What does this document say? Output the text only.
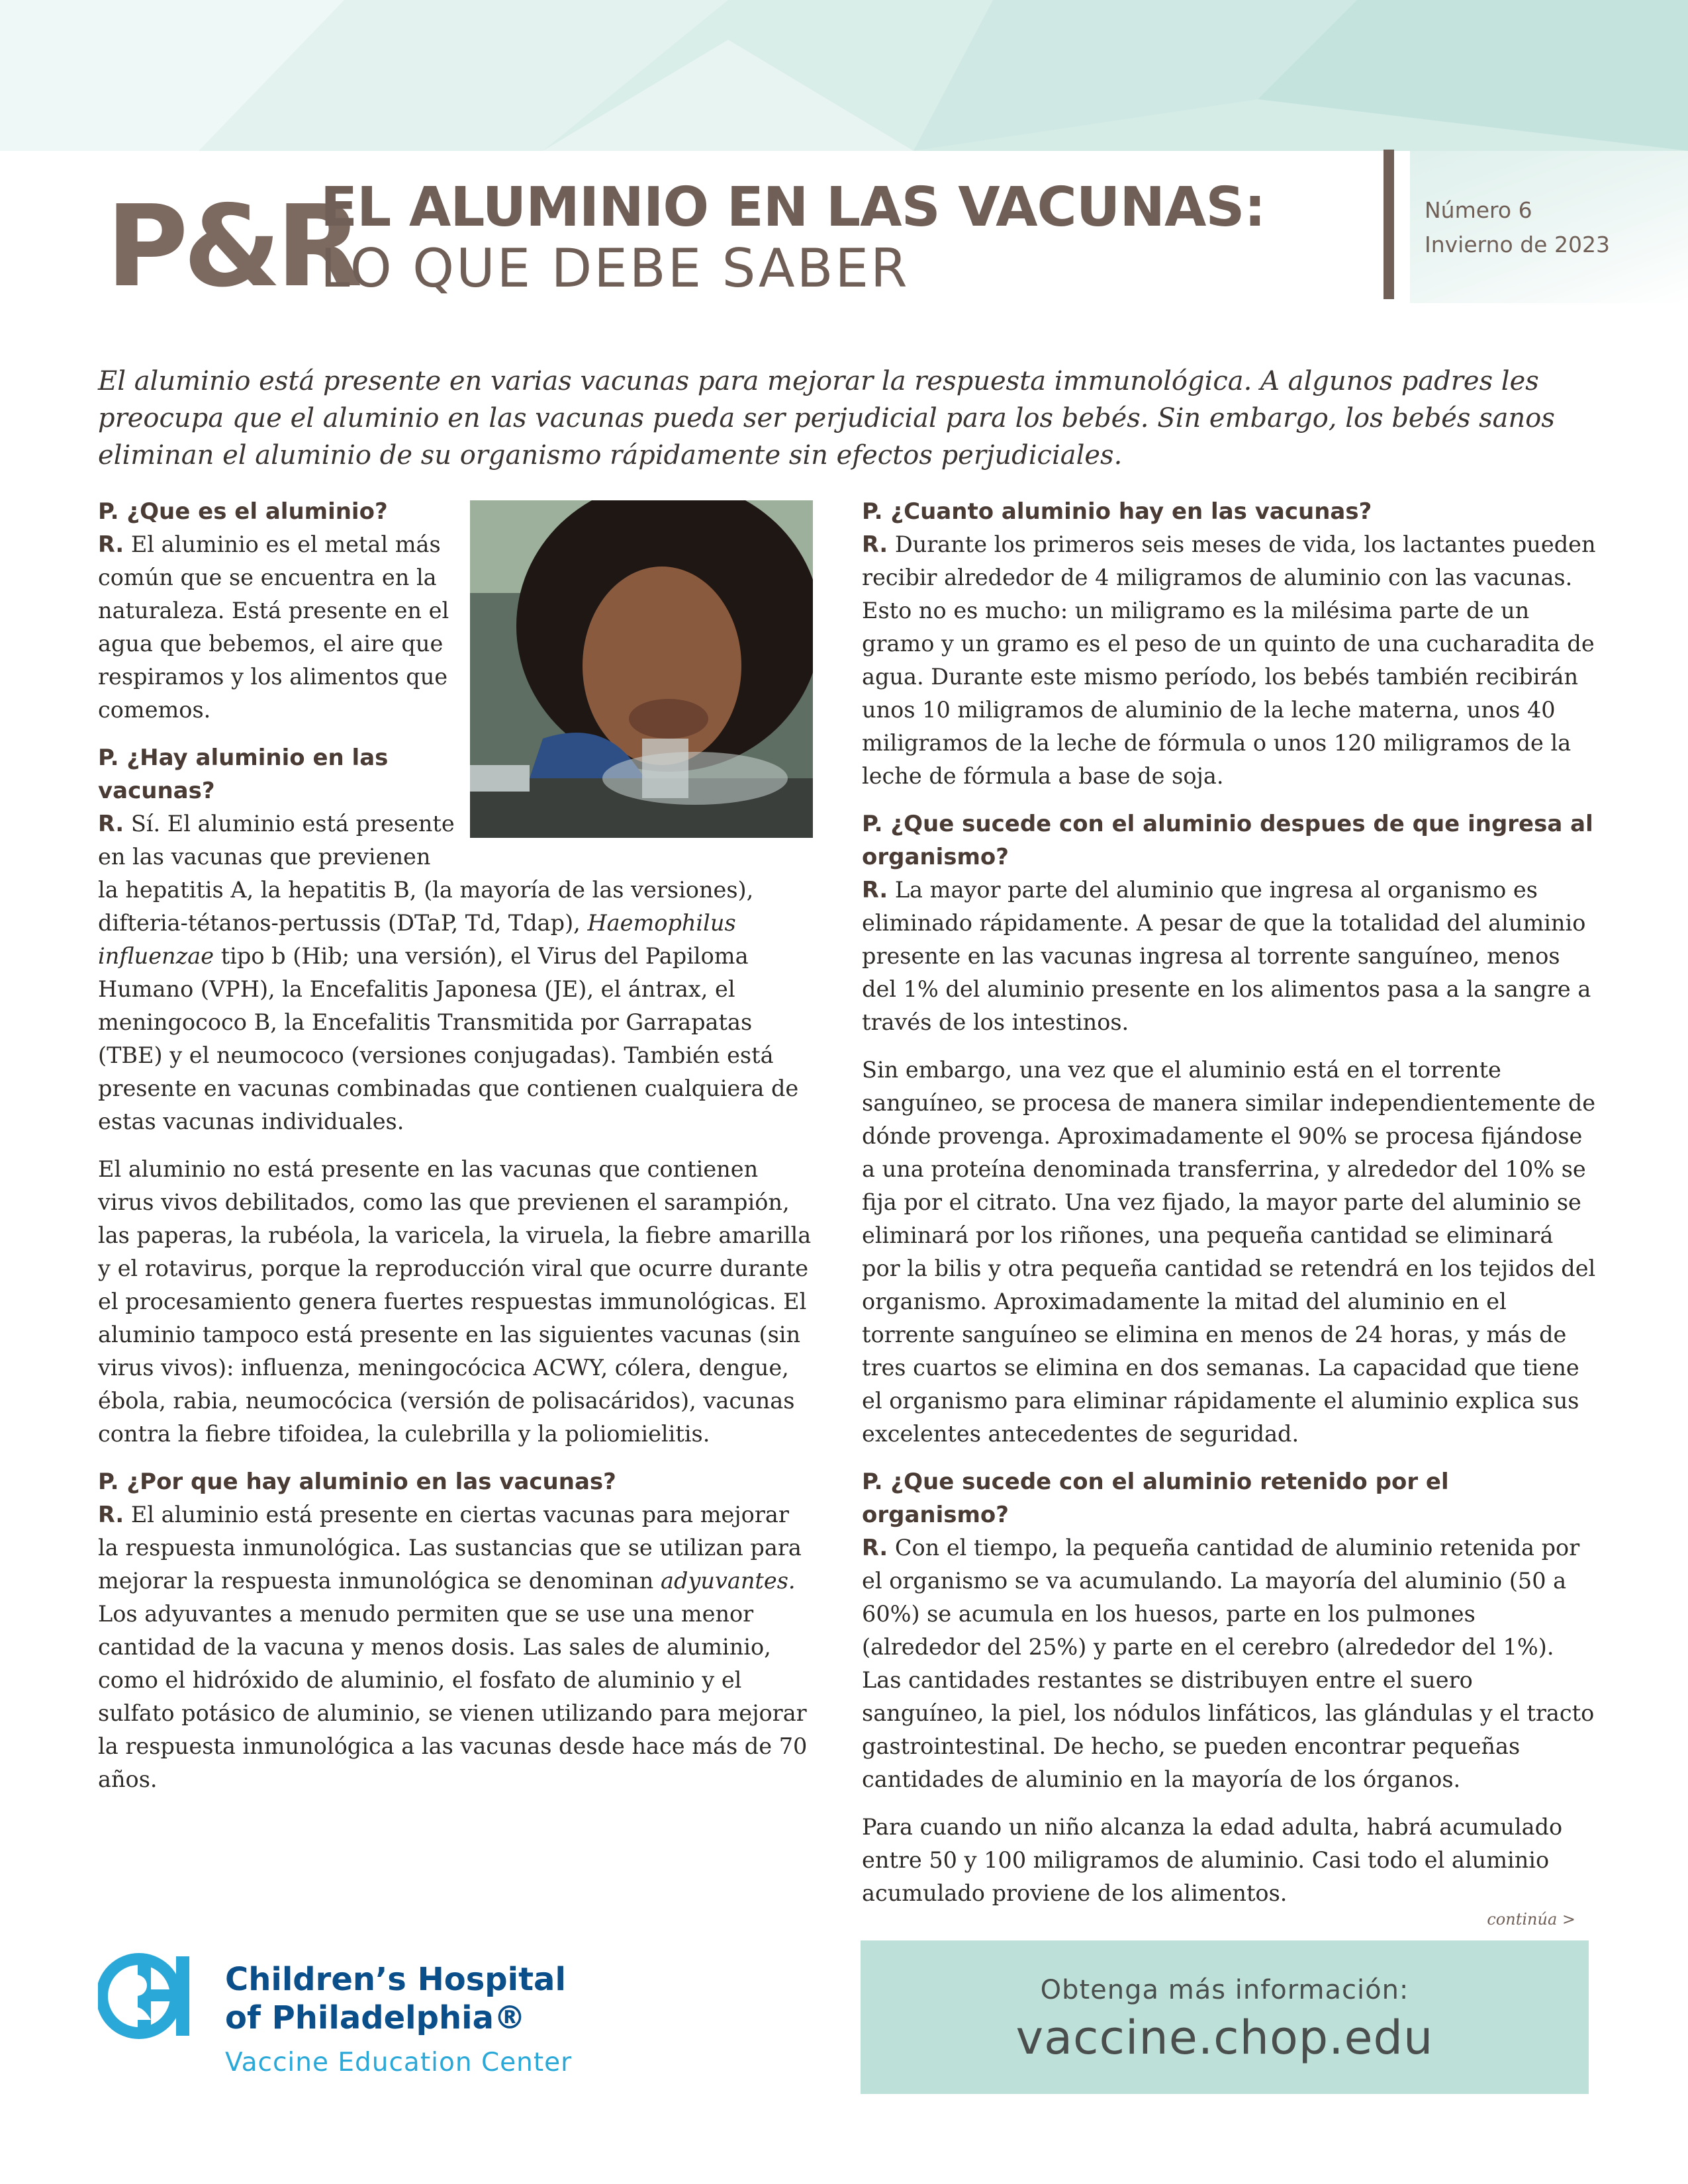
P&R
EL ALUMINIO EN LAS VACUNAS:
LO QUE DEBE SABER
Número 6
Invierno de 2023

El aluminio está presente en varias vacunas para mejorar la respuesta immunológica. A algunos padres les preocupa que el aluminio en las vacunas pueda ser perjudicial para los bebés. Sin embargo, los bebés sanos eliminan el aluminio de su organismo rápidamente sin efectos perjudiciales.

P. ¿Que es el aluminio?

R. El aluminio es el metal más común que se encuentra en la naturaleza. Está presente en el agua que bebemos, el aire que respiramos y los alimentos que comemos.

P. ¿Hay aluminio en las vacunas?

R. Sí. El aluminio está presente en las vacunas que previenen la hepatitis A, la hepatitis B, (la mayoría de las versiones), difteria-tétanos-pertussis (DTaP, Td, Tdap), Haemophilus influenzae tipo b (Hib; una versión), el Virus del Papiloma Humano (VPH), la Encefalitis Japonesa (JE), el ántrax, el meningococo B, la Encefalitis Transmitida por Garrapatas (TBE) y el neumococo (versiones conjugadas). También está presente en vacunas combinadas que contienen cualquiera de estas vacunas individuales.

El aluminio no está presente en las vacunas que contienen virus vivos debilitados, como las que previenen el sarampión, las paperas, la rubéola, la varicela, la viruela, la fiebre amarilla y el rotavirus, porque la reproducción viral que ocurre durante el procesamiento genera fuertes respuestas immunológicas. El aluminio tampoco está presente en las siguientes vacunas (sin virus vivos): influenza, meningocócica ACWY, cólera, dengue, ébola, rabia, neumocócica (versión de polisacáridos), vacunas contra la fiebre tifoidea, la culebrilla y la poliomielitis.

P. ¿Por que hay aluminio en las vacunas?

R. El aluminio está presente en ciertas vacunas para mejorar la respuesta inmunológica. Las sustancias que se utilizan para mejorar la respuesta inmunológica se denominan adyuvantes. Los adyuvantes a menudo permiten que se use una menor cantidad de la vacuna y menos dosis. Las sales de aluminio, como el hidróxido de aluminio, el fosfato de aluminio y el sulfato potásico de aluminio, se vienen utilizando para mejorar la respuesta inmunológica a las vacunas desde hace más de 70 años.

P. ¿Cuanto aluminio hay en las vacunas?

R. Durante los primeros seis meses de vida, los lactantes pueden recibir alrededor de 4 miligramos de aluminio con las vacunas. Esto no es mucho: un miligramo es la milésima parte de un gramo y un gramo es el peso de un quinto de una cucharadita de agua. Durante este mismo período, los bebés también recibirán unos 10 miligramos de aluminio de la leche materna, unos 40 miligramos de la leche de fórmula o unos 120 miligramos de la leche de fórmula a base de soja.

P. ¿Que sucede con el aluminio despues de que ingresa al organismo?

R. La mayor parte del aluminio que ingresa al organismo es eliminado rápidamente. A pesar de que la totalidad del aluminio presente en las vacunas ingresa al torrente sanguíneo, menos del 1% del aluminio presente en los alimentos pasa a la sangre a través de los intestinos.

Sin embargo, una vez que el aluminio está en el torrente sanguíneo, se procesa de manera similar independientemente de dónde provenga. Aproximadamente el 90% se procesa fijándose a una proteína denominada transferrina, y alrededor del 10% se fija por el citrato. Una vez fijado, la mayor parte del aluminio se eliminará por los riñones, una pequeña cantidad se eliminará por la bilis y otra pequeña cantidad se retendrá en los tejidos del organismo. Aproximadamente la mitad del aluminio en el torrente sanguíneo se elimina en menos de 24 horas, y más de tres cuartos se elimina en dos semanas. La capacidad que tiene el organismo para eliminar rápidamente el aluminio explica sus excelentes antecedentes de seguridad.

P. ¿Que sucede con el aluminio retenido por el organismo?

R. Con el tiempo, la pequeña cantidad de aluminio retenida por el organismo se va acumulando. La mayoría del aluminio (50 a 60%) se acumula en los huesos, parte en los pulmones (alrededor del 25%) y parte en el cerebro (alrededor del 1%). Las cantidades restantes se distribuyen entre el suero sanguíneo, la piel, los nódulos linfáticos, las glándulas y el tracto gastrointestinal. De hecho, se pueden encontrar pequeñas cantidades de aluminio en la mayoría de los órganos.

Para cuando un niño alcanza la edad adulta, habrá acumulado entre 50 y 100 miligramos de aluminio. Casi todo el aluminio acumulado proviene de los alimentos.

continúa >
Obtenga más información:
vaccine.chop.edu
Children’s Hospital
of Philadelphia®
Vaccine Education Center
